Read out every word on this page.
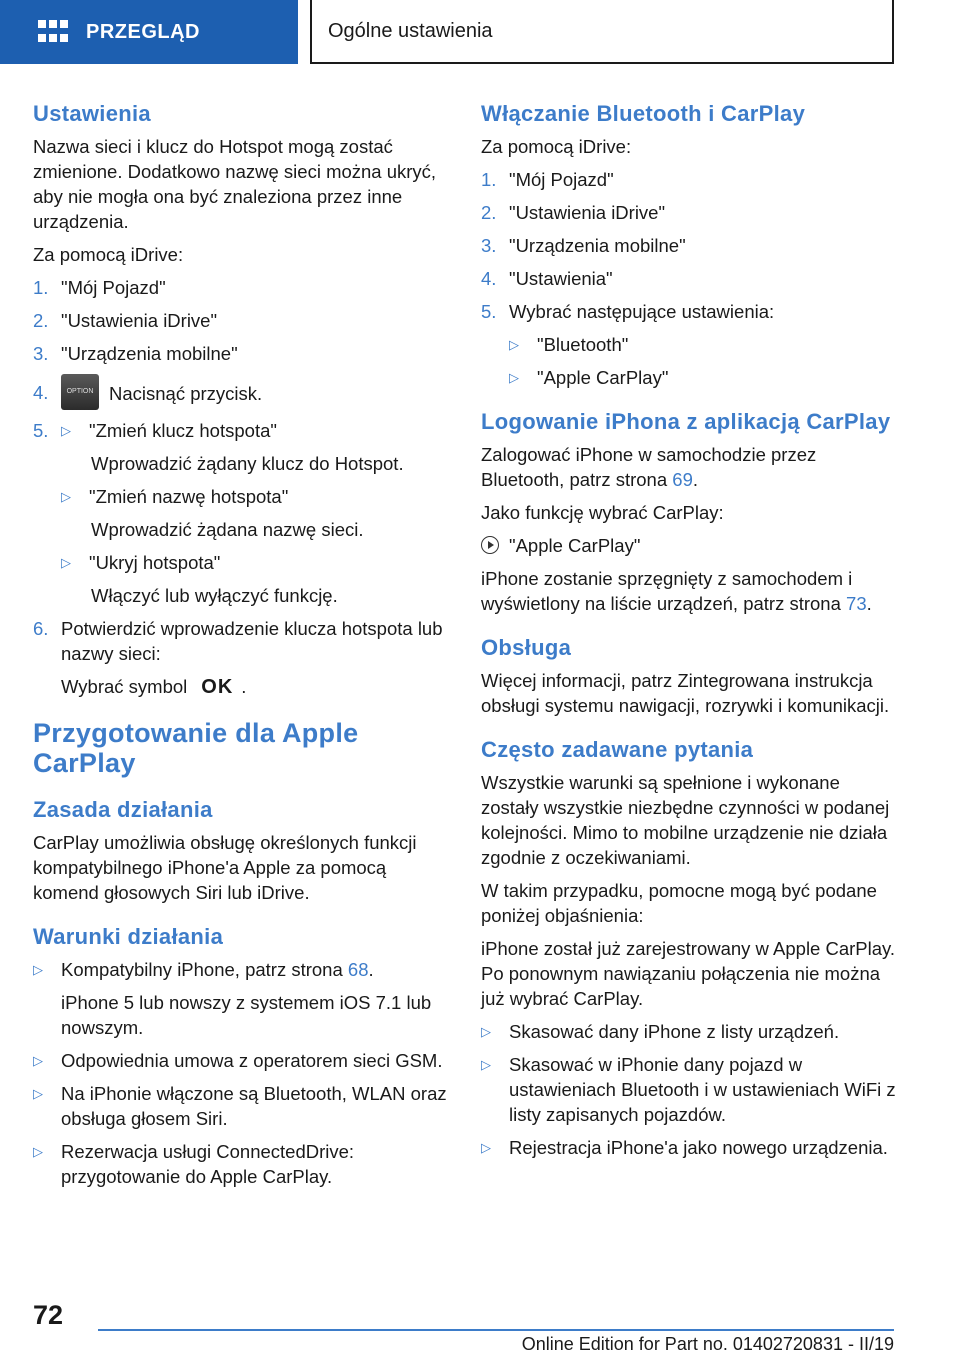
PRZEGLĄD	Ogólne ustawienia
Ustawienia

Nazwa sieci i klucz do Hotspot mogą zostać zmienione. Dodatkowo nazwę sieci można ukryć, aby nie mogła ona być znaleziona przez inne urządzenia.

Za pomocą iDrive:

1. "Mój Pojazd"
2. "Ustawienia iDrive"
3. "Urządzenia mobilne"
4.	OPTION Nacisnąć przycisk.
5. ▷ "Zmień klucz hotspota"
Wprowadzić żądany klucz do Hotspot.
▷ "Zmień nazwę hotspota"
Wprowadzić żądana nazwę sieci.
▷ "Ukryj hotspota"
Włączyć lub wyłączyć funkcję.
6. Potwierdzić wprowadzenie klucza hotspota lub nazwy sieci:
Wybrać symbol OK .
Przygotowanie dla Apple CarPlay
Zasada działania

CarPlay umożliwia obsługę określonych funkcji kompatybilnego iPhone'a Apple za pomocą komend głosowych Siri lub iDrive.

Warunki działania
▷ Kompatybilny iPhone, patrz strona 68.
iPhone 5 lub nowszy z systemem iOS 7.1 lub nowszym.
▷ Odpowiednia umowa z operatorem sieci GSM.
▷ Na iPhonie włączone są Bluetooth, WLAN oraz obsługa głosem Siri.
▷ Rezerwacja usługi ConnectedDrive: przygotowanie do Apple CarPlay.
Włączanie Bluetooth i CarPlay

Za pomocą iDrive:

1. "Mój Pojazd"
2. "Ustawienia iDrive"
3. "Urządzenia mobilne"
4. "Ustawienia"
5. Wybrać następujące ustawienia:
▷ "Bluetooth"
▷ "Apple CarPlay"
Logowanie iPhona z aplikacją CarPlay

Zalogować iPhone w samochodzie przez Bluetooth, patrz strona 69.

Jako funkcję wybrać CarPlay:

"Apple CarPlay"

iPhone zostanie sprzęgnięty z samochodem i wyświetlony na liście urządzeń, patrz strona 73.

Obsługa

Więcej informacji, patrz Zintegrowana instrukcja obsługi systemu nawigacji, rozrywki i komunikacji.

Często zadawane pytania

Wszystkie warunki są spełnione i wykonane zostały wszystkie niezbędne czynności w podanej kolejności. Mimo to mobilne urządzenie nie działa zgodnie z oczekiwaniami.

W takim przypadku, pomocne mogą być podane poniżej objaśnienia:

iPhone został już zarejestrowany w Apple CarPlay. Po ponownym nawiązaniu połączenia nie można już wybrać CarPlay.

▷ Skasować dany iPhone z listy urządzeń.
▷ Skasować w iPhonie dany pojazd w ustawieniach Bluetooth i w ustawieniach WiFi z listy zapisanych pojazdów.
▷ Rejestracja iPhone'a jako nowego urządzenia.
72
Online Edition for Part no. 01402720831 - II/19
